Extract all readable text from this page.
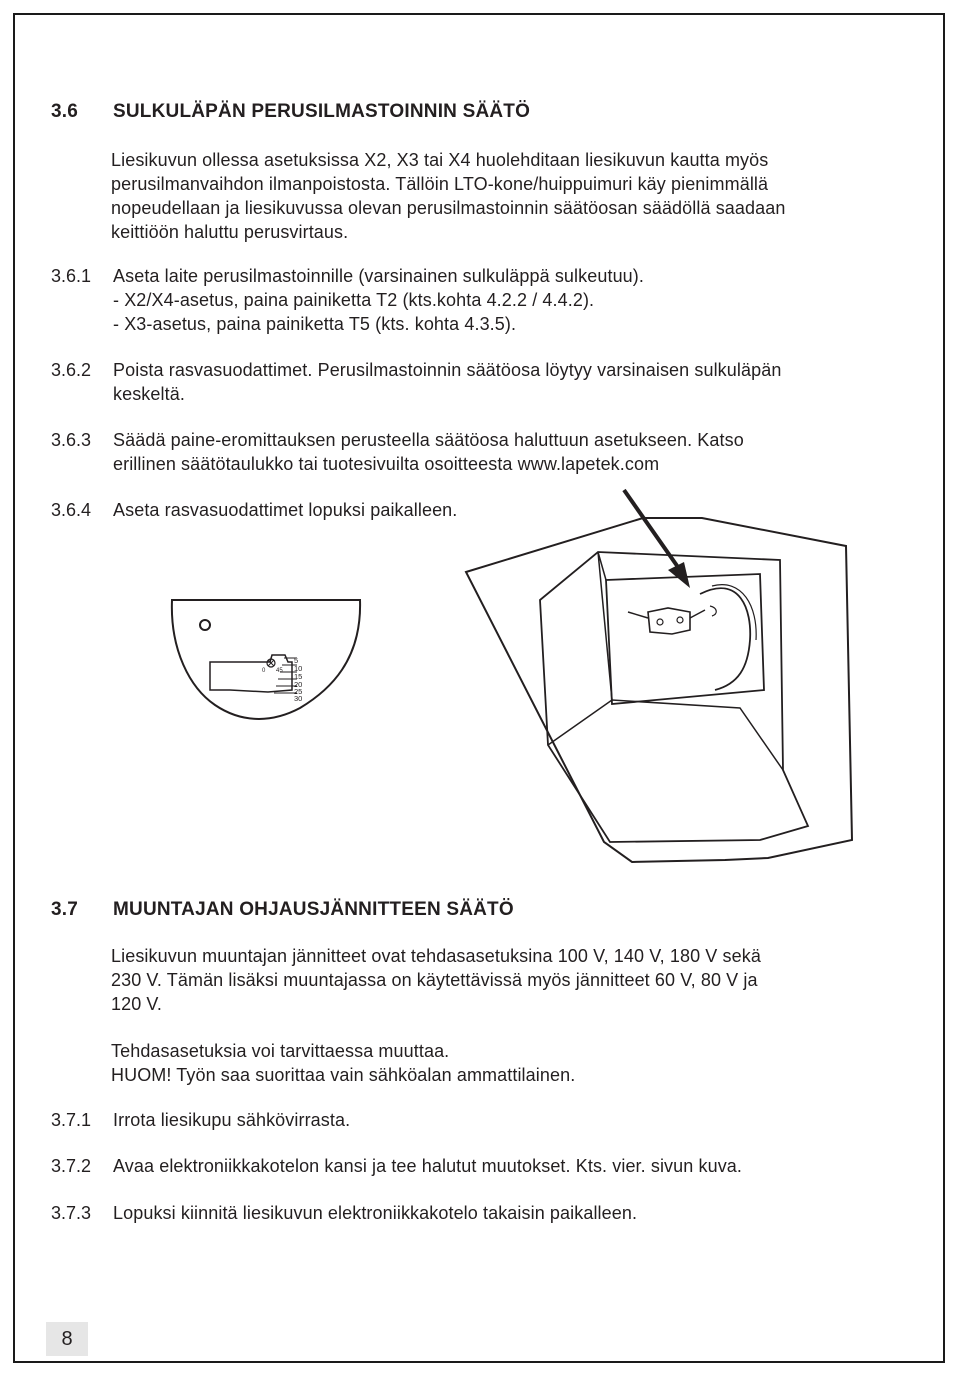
3.6 SULKULÄPÄN PERUSILMASTOINNIN SÄÄTÖ
Liesikuvun ollessa asetuksissa X2, X3 tai X4 huolehditaan liesikuvun kautta myös
perusilmanvaihdon ilmanpoistosta. Tällöin LTO-kone/huippuimuri käy pienimmällä
nopeudellaan ja liesikuvussa olevan perusilmastoinnin säätöosan säädöllä saadaan
keittiöön haluttu perusvirtaus.
3.6.1 Aseta laite perusilmastoinnille (varsinainen sulkuläppä sulkeutuu).
- X2/X4-asetus, paina painiketta T2 (kts.kohta 4.2.2 / 4.4.2).
- X3-asetus, paina painiketta T5 (kts. kohta 4.3.5).
3.6.2 Poista rasvasuodattimet. Perusilmastoinnin säätöosa löytyy varsinaisen sulkuläpän
keskeltä.
3.6.3 Säädä paine-eromittauksen perusteella säätöosa haluttuun asetukseen. Katso
erillinen säätötaulukko tai tuotesivuilta osoitteesta www.lapetek.com
3.6.4 Aseta rasvasuodattimet lopuksi paikalleen.
0 45
5
10
15
20
25
30
3.7 MUUNTAJAN OHJAUSJÄNNITTEEN SÄÄTÖ
Liesikuvun muuntajan jännitteet ovat tehdasasetuksina 100 V, 140 V, 180 V sekä
230 V. Tämän lisäksi muuntajassa on käytettävissä myös jännitteet 60 V, 80 V ja
120 V.
Tehdasasetuksia voi tarvittaessa muuttaa.
HUOM! Työn saa suorittaa vain sähköalan ammattilainen.
3.7.1 Irrota liesikupu sähkövirrasta.
3.7.2 Avaa elektroniikkakotelon kansi ja tee halutut muutokset. Kts. vier. sivun kuva.
3.7.3 Lopuksi kiinnitä liesikuvun elektroniikkakotelo takaisin paikalleen.
8
